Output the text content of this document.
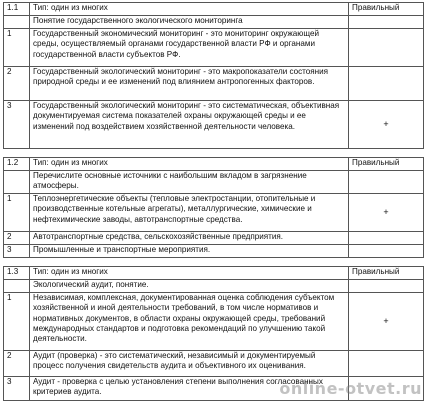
1.1	Тип: один из многих	Правильный
	Понятие государственного экологического мониторинга	
1	Государственный экономический мониторинг - это мониторинг окружающей среды, осуществляемый органами государственной власти РФ и органами государственной власти субъектов РФ.	
2	Государственный экологический мониторинг - это макропоказатели состояния природной среды и ее изменений под влиянием антропогенных факторов.	
3	Государственный экологический мониторинг - это систематическая, объективная документируемая система показателей охраны окружающей среды и ее изменений под воздействием хозяйственной деятельности человека.	+
1.2	Тип: один из многих	Правильный
	Перечислите основные источники с наибольшим вкладом в загрязнение атмосферы.	
1	Теплоэнергетические объекты (тепловые электростанции, отопительные и производственные котельные агрегаты), металлургические, химические и нефтехимические заводы, автотранспортные средства.	+
2	Автотранспортные средства, сельскохозяйственные предприятия.	
3	Промышленные и транспортные мероприятия.	
1.3	Тип: один из многих	Правильный
	Экологический аудит, понятие.	
1	Независимая, комплексная, документированная оценка соблюдения субъектом хозяйственной и иной деятельности требований, в том числе нормативов и нормативных документов, в области охраны окружающей среды, требований международных стандартов и подготовка рекомендаций по улучшению такой деятельности.	+
2	Аудит (проверка) - это систематический, независимый и документируемый процесс получения свидетельств аудита и объективного их оценивания.	
3	Аудит - проверка с целью установления степени выполнения согласованных критериев аудита.		online-otvet.ru
